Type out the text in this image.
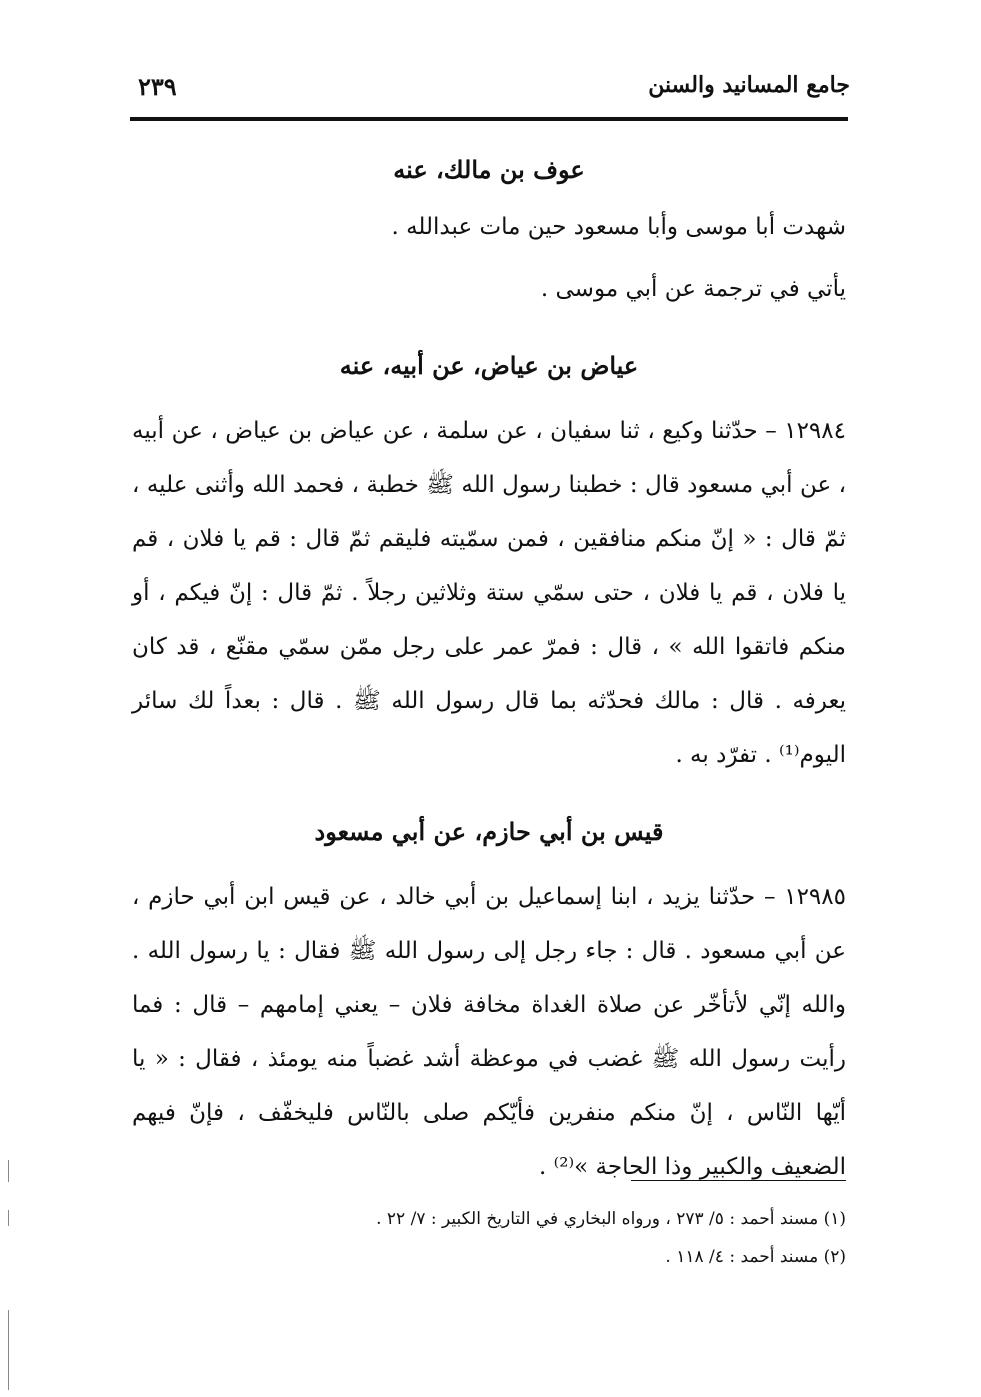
جامع المسانيد والسنن
٢٣٩
عوف بن مالك، عنه

شهدت أبا موسى وأبا مسعود حين مات عبدالله .

يأتي في ترجمة عن أبي موسى .

عياض بن عياض، عن أبيه، عنه

١٢٩٨٤ – حدّثنا وكيع ، ثنا سفيان ، عن سلمة ، عن عياض بن عياض ، عن أبيه ، عن أبي مسعود قال : خطبنا رسول الله ﷺ خطبة ، فحمد الله وأثنى عليه ، ثمّ قال : « إنّ منكم منافقين ، فمن سمّيته فليقم ثمّ قال : قم يا فلان ، قم يا فلان ، قم يا فلان ، حتى سمّي ستة وثلاثين رجلاً . ثمّ قال : إنّ فيكم ، أو منكم فاتقوا الله » ، قال : فمرّ عمر على رجل ممّن سمّي مقنّع ، قد كان يعرفه . قال : مالك فحدّثه بما قال رسول الله ﷺ . قال : بعداً لك سائر اليوم⁽¹⁾ . تفرّد به .

قيس بن أبي حازم، عن أبي مسعود

١٢٩٨٥ – حدّثنا يزيد ، ابنا إسماعيل بن أبي خالد ، عن قيس ابن أبي حازم ، عن أبي مسعود . قال : جاء رجل إلى رسول الله ﷺ فقال : يا رسول الله . والله إنّي لأتأخّر عن صلاة الغداة مخافة فلان – يعني إمامهم – قال : فما رأيت رسول الله ﷺ غضب في موعظة أشد غضباً منه يومئذ ، فقال : « يا أيّها النّاس ، إنّ منكم منفرين فأيّكم صلى بالنّاس فليخفّف ، فإنّ فيهم الضعيف والكبير وذا الحاجة »⁽²⁾ .

(١) مسند أحمد : ٥/ ٢٧٣ ، ورواه البخاري في التاريخ الكبير : ٧/ ٢٢ .

(٢) مسند أحمد : ٤/ ١١٨ .
